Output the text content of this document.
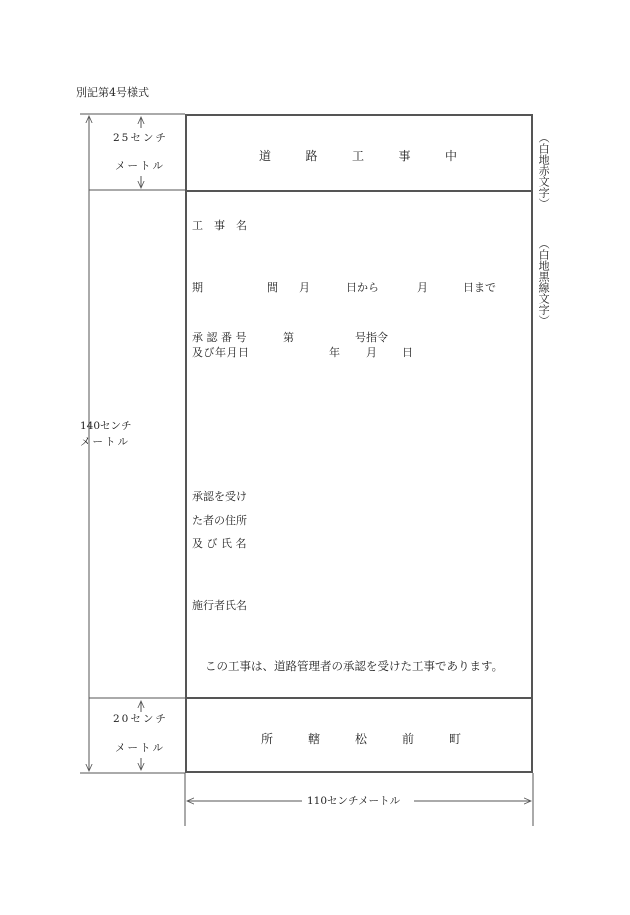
別記第4号様式
25センチ
メートル
140センチ
メートル
20センチ
メートル
110センチメートル
（白地赤文字）
（白地黒線文字）
道	路	工	事	中
工　事　名
期　　間 月	日から	月	日まで
承 認 番 号	第	号指令
及び年月日	年 月 日
承認を受け
た者の住所
及 び 氏 名
施行者氏名
この工事は、道路管理者の承認を受けた工事であります。
所	轄	松	前	町
